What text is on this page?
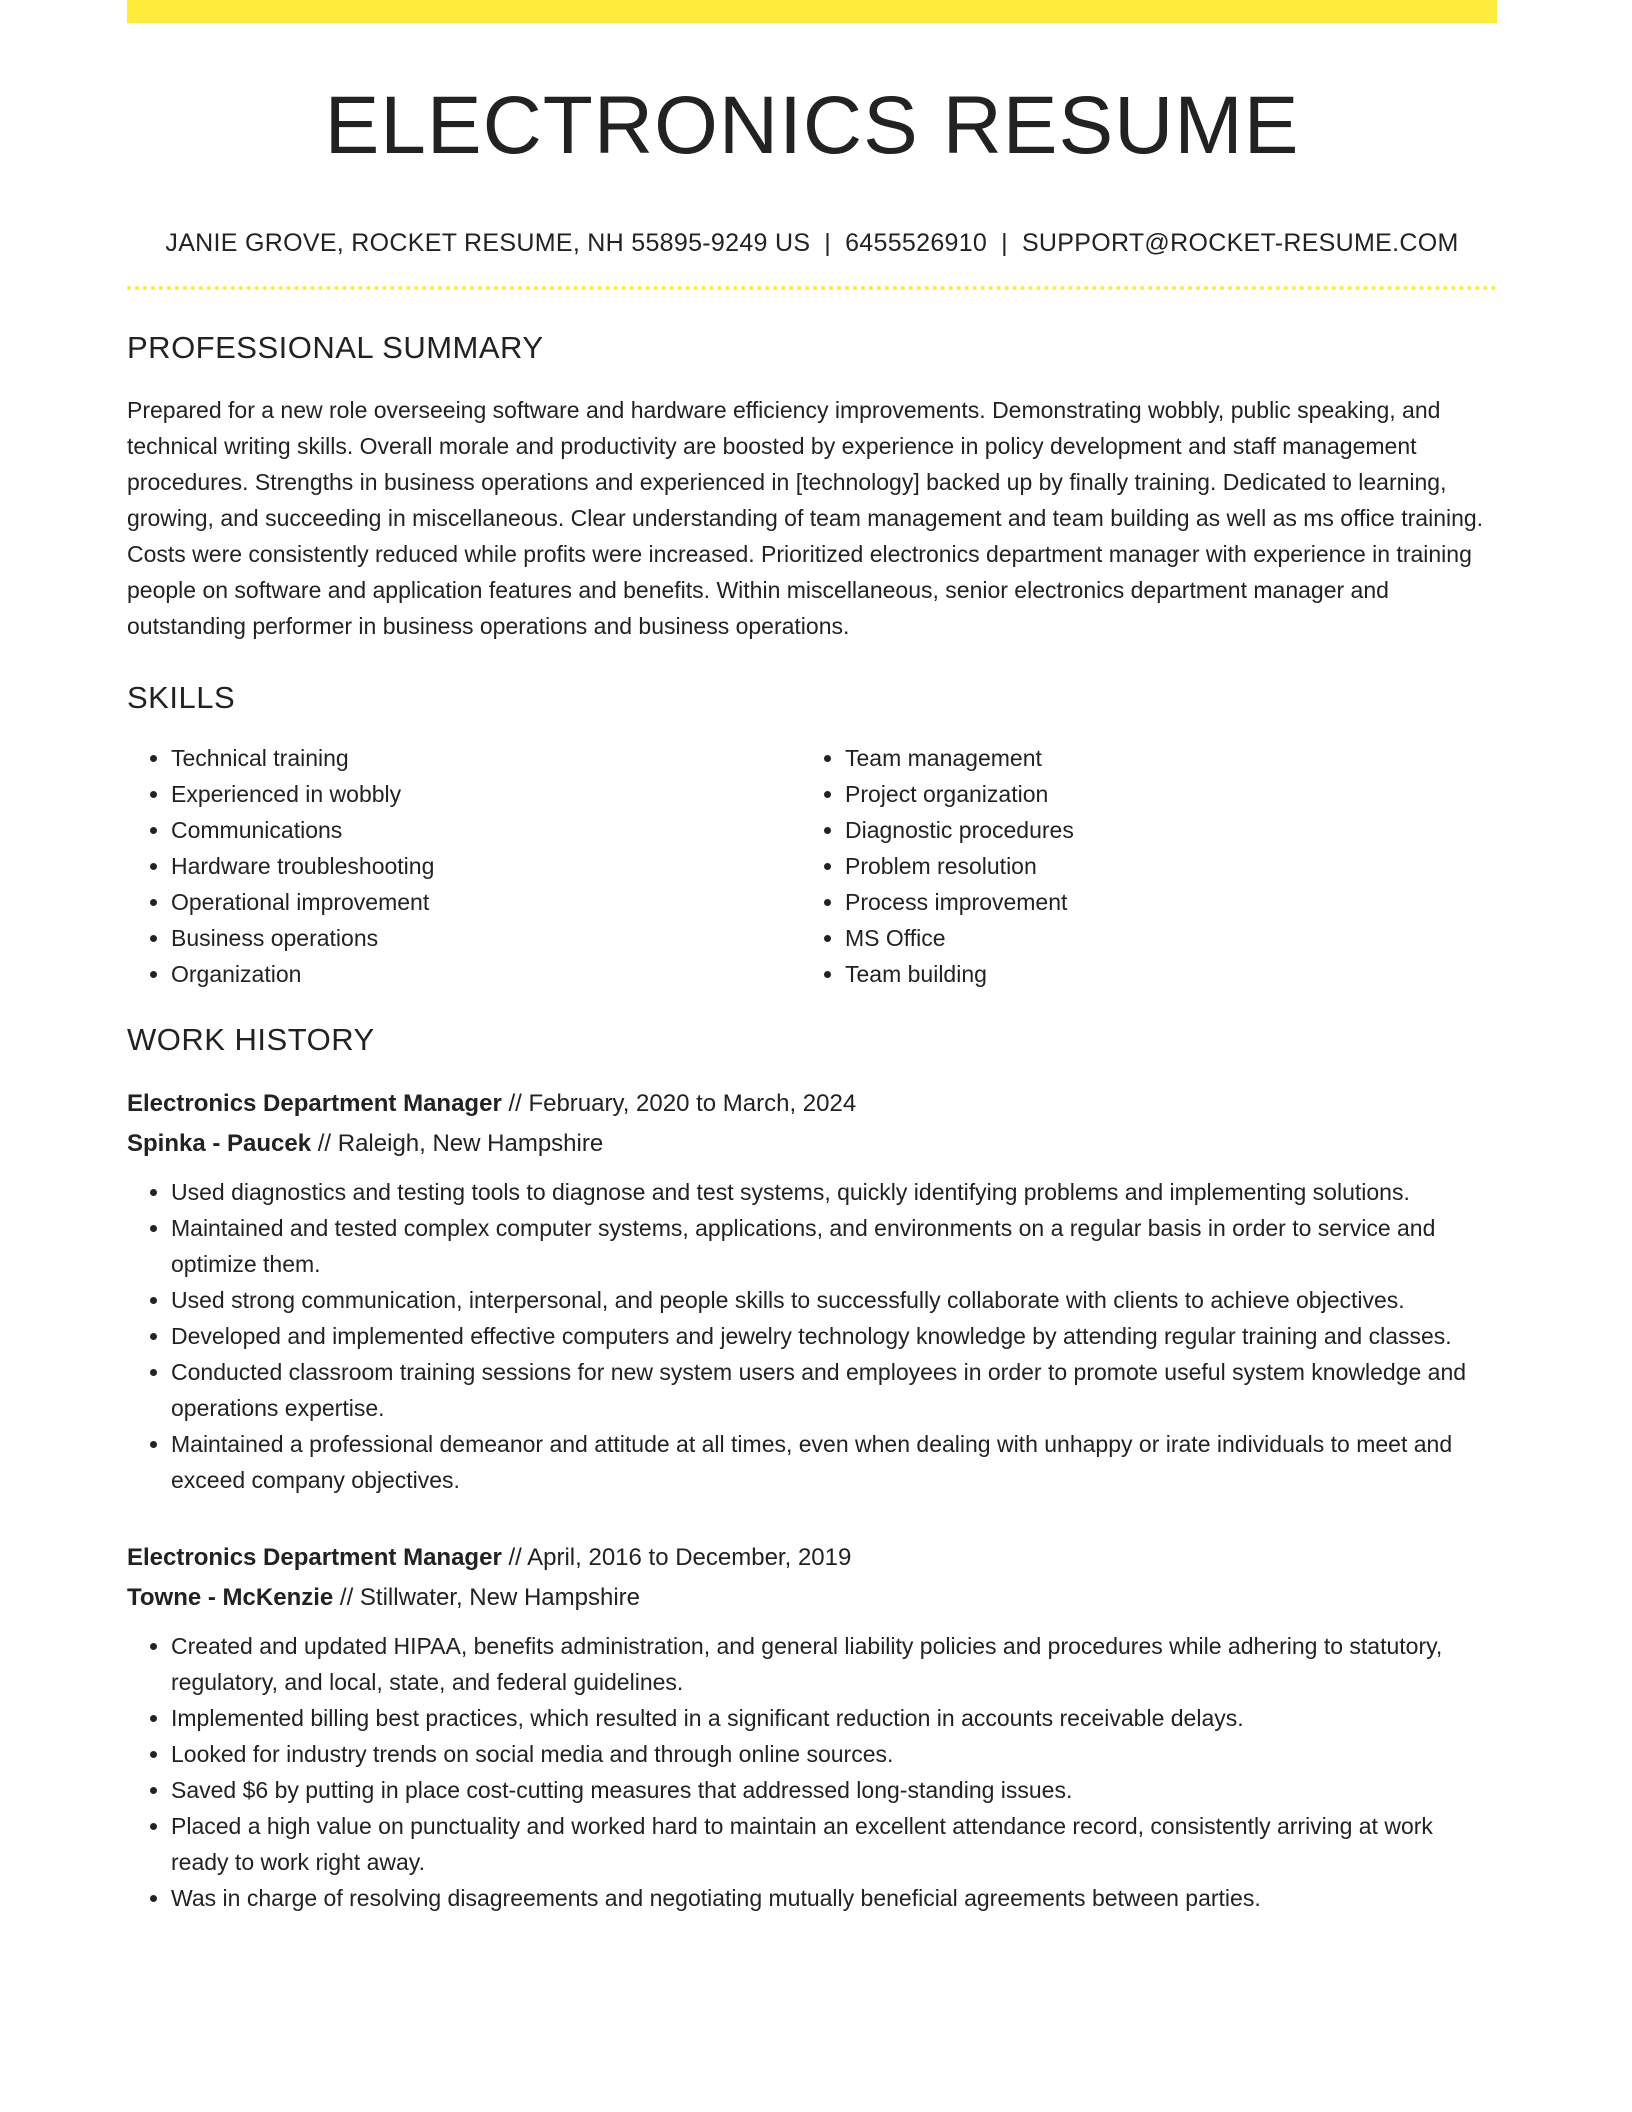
ELECTRONICS RESUME
JANIE GROVE, ROCKET RESUME, NH 55895-9249 US | 6455526910 | SUPPORT@ROCKET-RESUME.COM
PROFESSIONAL SUMMARY

Prepared for a new role overseeing software and hardware efficiency improvements. Demonstrating wobbly, public speaking, and technical writing skills. Overall morale and productivity are boosted by experience in policy development and staff management procedures. Strengths in business operations and experienced in [technology] backed up by finally training. Dedicated to learning, growing, and succeeding in miscellaneous. Clear understanding of team management and team building as well as ms office training. Costs were consistently reduced while profits were increased. Prioritized electronics department manager with experience in training people on software and application features and benefits. Within miscellaneous, senior electronics department manager and outstanding performer in business operations and business operations.

SKILLS
• Technical training
• Experienced in wobbly
• Communications
• Hardware troubleshooting
• Operational improvement
• Business operations
• Organization
• Team management
• Project organization
• Diagnostic procedures
• Problem resolution
• Process improvement
• MS Office
• Team building
WORK HISTORY
Electronics Department Manager // February, 2020 to March, 2024
Spinka - Paucek // Raleigh, New Hampshire
• Used diagnostics and testing tools to diagnose and test systems, quickly identifying problems and implementing solutions.
• Maintained and tested complex computer systems, applications, and environments on a regular basis in order to service and optimize them.
• Used strong communication, interpersonal, and people skills to successfully collaborate with clients to achieve objectives.
• Developed and implemented effective computers and jewelry technology knowledge by attending regular training and classes.
• Conducted classroom training sessions for new system users and employees in order to promote useful system knowledge and operations expertise.
• Maintained a professional demeanor and attitude at all times, even when dealing with unhappy or irate individuals to meet and exceed company objectives.
Electronics Department Manager // April, 2016 to December, 2019
Towne - McKenzie // Stillwater, New Hampshire
• Created and updated HIPAA, benefits administration, and general liability policies and procedures while adhering to statutory, regulatory, and local, state, and federal guidelines.
• Implemented billing best practices, which resulted in a significant reduction in accounts receivable delays.
• Looked for industry trends on social media and through online sources.
• Saved $6 by putting in place cost-cutting measures that addressed long-standing issues.
• Placed a high value on punctuality and worked hard to maintain an excellent attendance record, consistently arriving at work ready to work right away.
• Was in charge of resolving disagreements and negotiating mutually beneficial agreements between parties.
